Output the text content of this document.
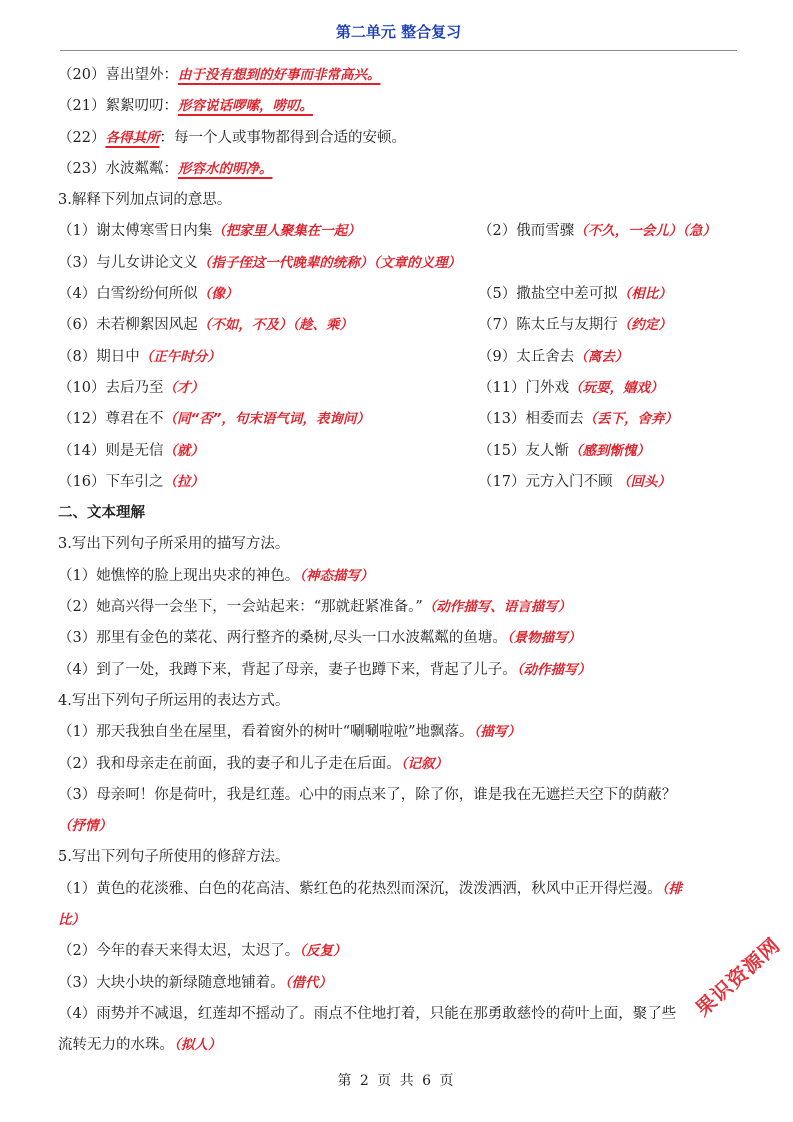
第二单元 整合复习
（20）喜出望外：由于没有想到的好事而非常高兴。
（21）絮絮叨叨：形容说话啰嗦，唠叨。
（22）各得其所：每一个人或事物都得到合适的安顿。
（23）水波粼粼：形容水的明净。
3.解释下列加点词的意思。
（1）谢太傅寒雪日内集（把家里人聚集在一起）	（2）俄而雪骤（不久，一会儿）（急）
（3）与儿女讲论文义（指子侄这一代晚辈的统称）（文章的义理）
（4）白雪纷纷何所似（像）	（5）撒盐空中差可拟（相比）
（6）未若柳絮因风起（不如，不及）（趁、乘）	（7）陈太丘与友期行（约定）
（8）期日中（正午时分）	（9）太丘舍去（离去）
（10）去后乃至（才）	（11）门外戏（玩耍，嬉戏）
（12）尊君在不（同“否”，句末语气词，表询问）	（13）相委而去（丢下，舍弃）
（14）则是无信（就）	（15）友人惭（感到惭愧）
（16）下车引之（拉）	（17）元方入门不顾 （回头）
二、文本理解
3.写出下列句子所采用的描写方法。
（1）她憔悴的脸上现出央求的神色。（神态描写）
（2）她高兴得一会坐下，一会站起来：“那就赶紧准备。”（动作描写、语言描写）
（3）那里有金色的菜花、两行整齐的桑树,尽头一口水波粼粼的鱼塘。（景物描写）
（4）到了一处，我蹲下来，背起了母亲，妻子也蹲下来，背起了儿子。（动作描写）
4.写出下列句子所运用的表达方式。
（1）那天我独自坐在屋里，看着窗外的树叶“唰唰啦啦”地飘落。（描写）
（2）我和母亲走在前面，我的妻子和儿子走在后面。（记叙）
（3）母亲呵！你是荷叶，我是红莲。心中的雨点来了，除了你，谁是我在无遮拦天空下的荫蔽？
（抒情）
5.写出下列句子所使用的修辞方法。
（1）黄色的花淡雅、白色的花高洁、紫红色的花热烈而深沉，泼泼洒洒，秋风中正开得烂漫。（排
比）
（2）今年的春天来得太迟，太迟了。（反复）
（3）大块小块的新绿随意地铺着。（借代）
（4）雨势并不减退，红莲却不摇动了。雨点不住地打着，只能在那勇敢慈怜的荷叶上面，聚了些
流转无力的水珠。（拟人）
果识资源网
第 2 页 共 6 页
